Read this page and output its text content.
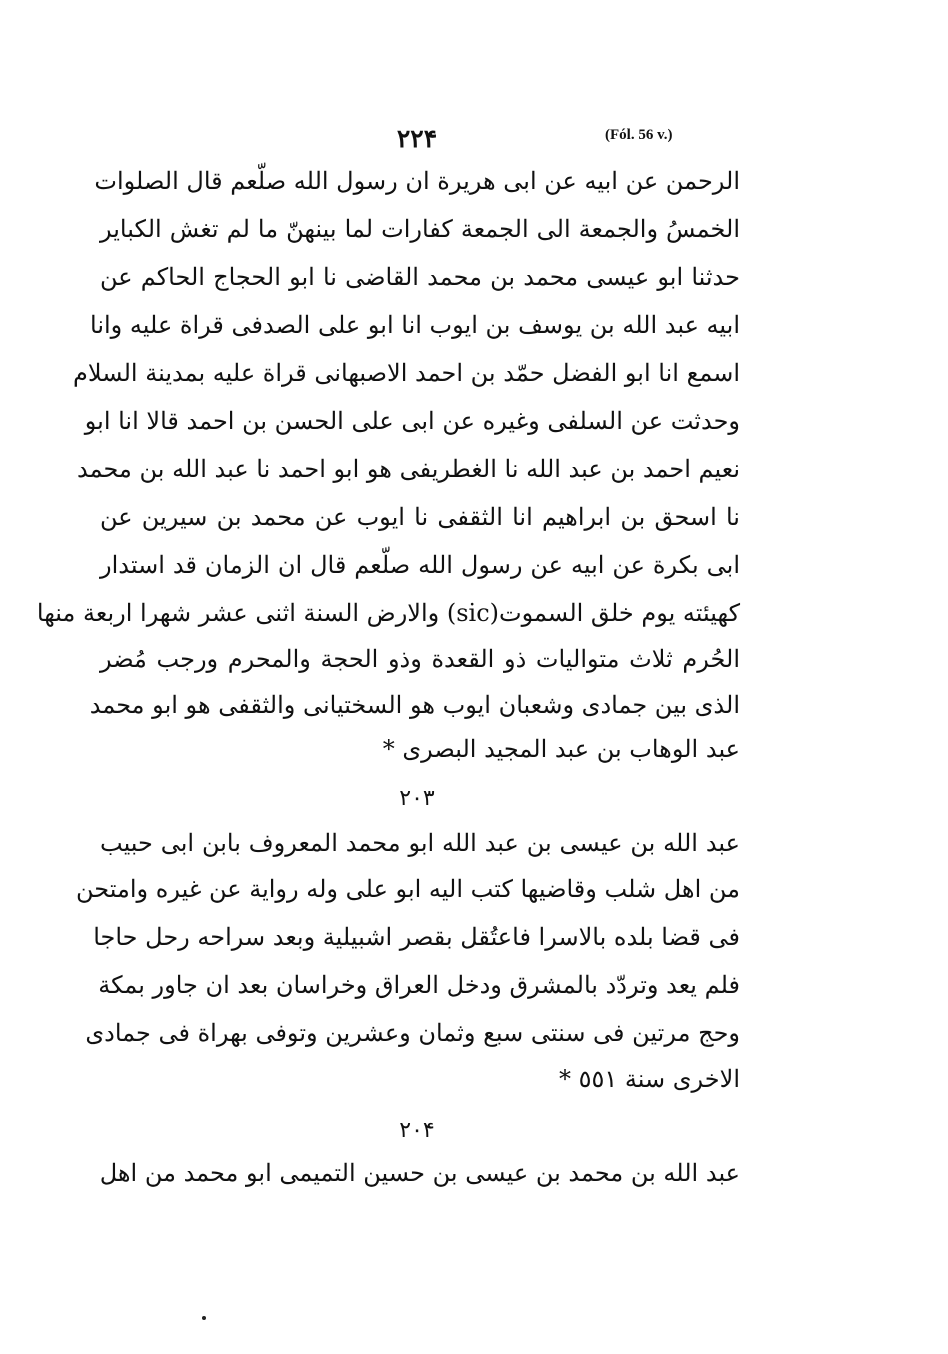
٢٢۴	(Fól. 56 v.)
الرحمن عن ابيه عن ابى هريرة ان رسول الله صلّعم قال الصلوات
الخمسُ والجمعة الى الجمعة كفارات لما بينهنّ ما لم تغش الكباير
حدثنا ابو عيسى محمد بن محمد القاضى نا ابو الحجاج الحاكم عن
ابيه عبد الله بن يوسف بن ايوب انا ابو على الصدفى قراة عليه وانا
اسمع انا ابو الفضل حمّد بن احمد الاصبهانى قراة عليه بمدينة السلام
وحدثت عن السلفى وغيره عن ابى على الحسن بن احمد قالا انا ابو
نعيم احمد بن عبد الله نا الغطريفى هو ابو احمد نا عبد الله بن محمد
نا اسحق بن ابراهيم انا الثقفى نا ايوب عن محمد بن سيرين عن
ابى بكرة عن ابيه عن رسول الله صلّعم قال ان الزمان قد استدار
كهيئته يوم خلق السموت(sic) والارض السنة اثنى عشر شهرا اربعة منها
الحُرم ثلاث متواليات ذو القعدة وذو الحجة والمحرم ورجب مُضر
الذى بين جمادى وشعبان ايوب هو السختيانى والثقفى هو ابو محمد
عبد الوهاب بن عبد المجيد البصرى *
٢٠٣
عبد الله بن عيسى بن عبد الله ابو محمد المعروف بابن ابى حبيب
من اهل شلب وقاضيها كتب اليه ابو على وله رواية عن غيره وامتحن
فى قضا بلده بالاسرا فاعتُقل بقصر اشبيلية وبعد سراحه رحل حاجا
فلم يعد وتردّد بالمشرق ودخل العراق وخراسان بعد ان جاور بمكة
وحج مرتين فى سنتى سبع وثمان وعشرين وتوفى بهراة فى جمادى
الاخرى سنة ٥٥١ *
٢٠۴
عبد الله بن محمد بن عيسى بن حسين التميمى ابو محمد من اهل
